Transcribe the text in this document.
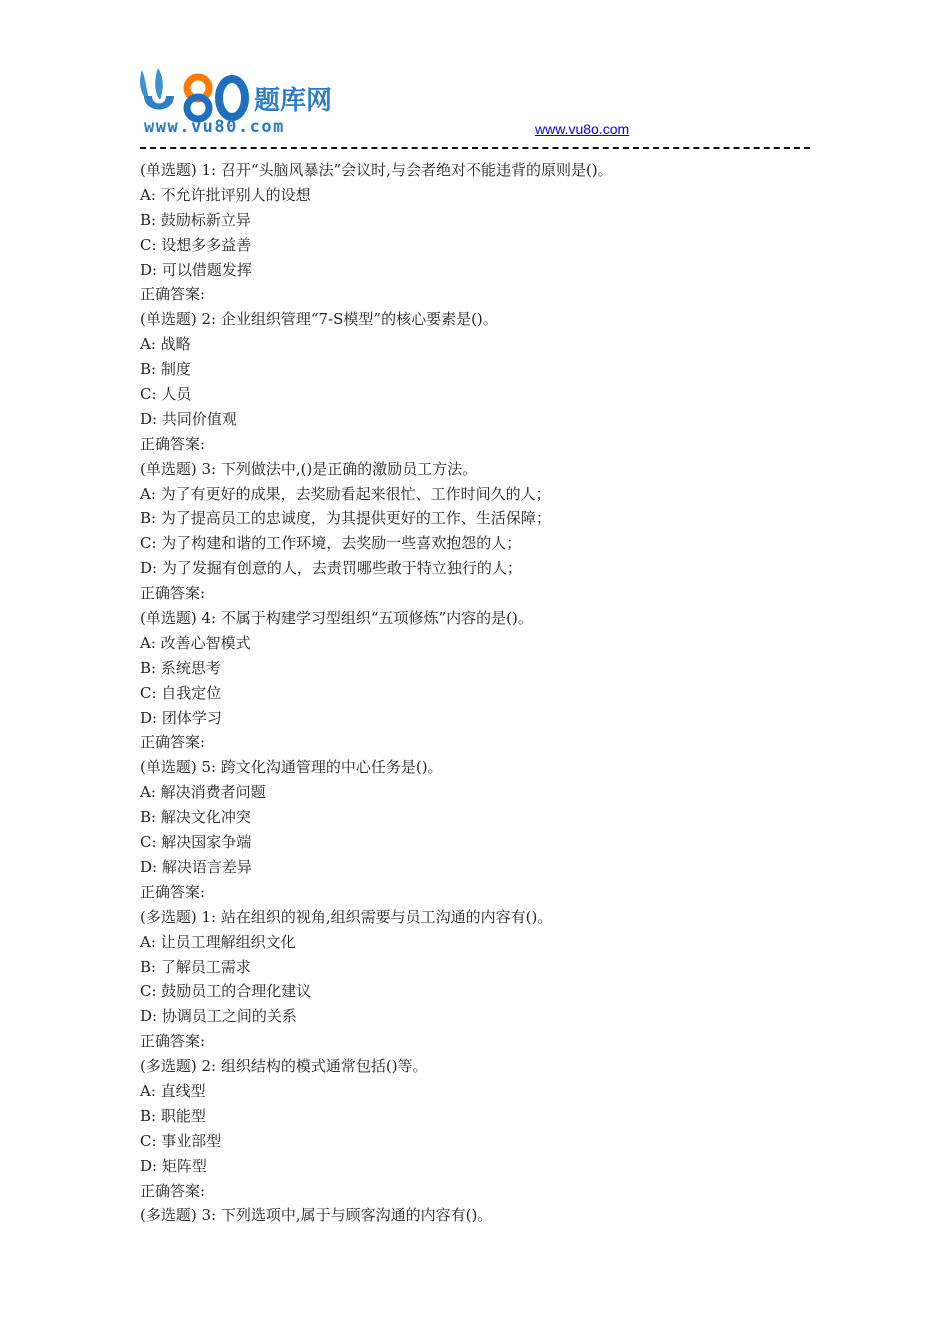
题库网
www.vu80.com	www.vu8o.com
(单选题) 1: 召开“头脑风暴法”会议时,与会者绝对不能违背的原则是()。
A: 不允许批评别人的设想
B: 鼓励标新立异
C: 设想多多益善
D: 可以借题发挥
正确答案:
(单选题) 2: 企业组织管理“7-S模型”的核心要素是()。
A: 战略
B: 制度
C: 人员
D: 共同价值观
正确答案:
(单选题) 3: 下列做法中,()是正确的激励员工方法。
A: 为了有更好的成果，去奖励看起来很忙、工作时间久的人；
B: 为了提高员工的忠诚度，为其提供更好的工作、生活保障；
C: 为了构建和谐的工作环境，去奖励一些喜欢抱怨的人；
D: 为了发掘有创意的人，去责罚哪些敢于特立独行的人；
正确答案:
(单选题) 4: 不属于构建学习型组织“五项修炼”内容的是()。
A: 改善心智模式
B: 系统思考
C: 自我定位
D: 团体学习
正确答案:
(单选题) 5: 跨文化沟通管理的中心任务是()。
A: 解决消费者问题
B: 解决文化冲突
C: 解决国家争端
D: 解决语言差异
正确答案:
(多选题) 1: 站在组织的视角,组织需要与员工沟通的内容有()。
A: 让员工理解组织文化
B: 了解员工需求
C: 鼓励员工的合理化建议
D: 协调员工之间的关系
正确答案:
(多选题) 2: 组织结构的模式通常包括()等。
A: 直线型
B: 职能型
C: 事业部型
D: 矩阵型
正确答案:
(多选题) 3: 下列选项中,属于与顾客沟通的内容有()。
